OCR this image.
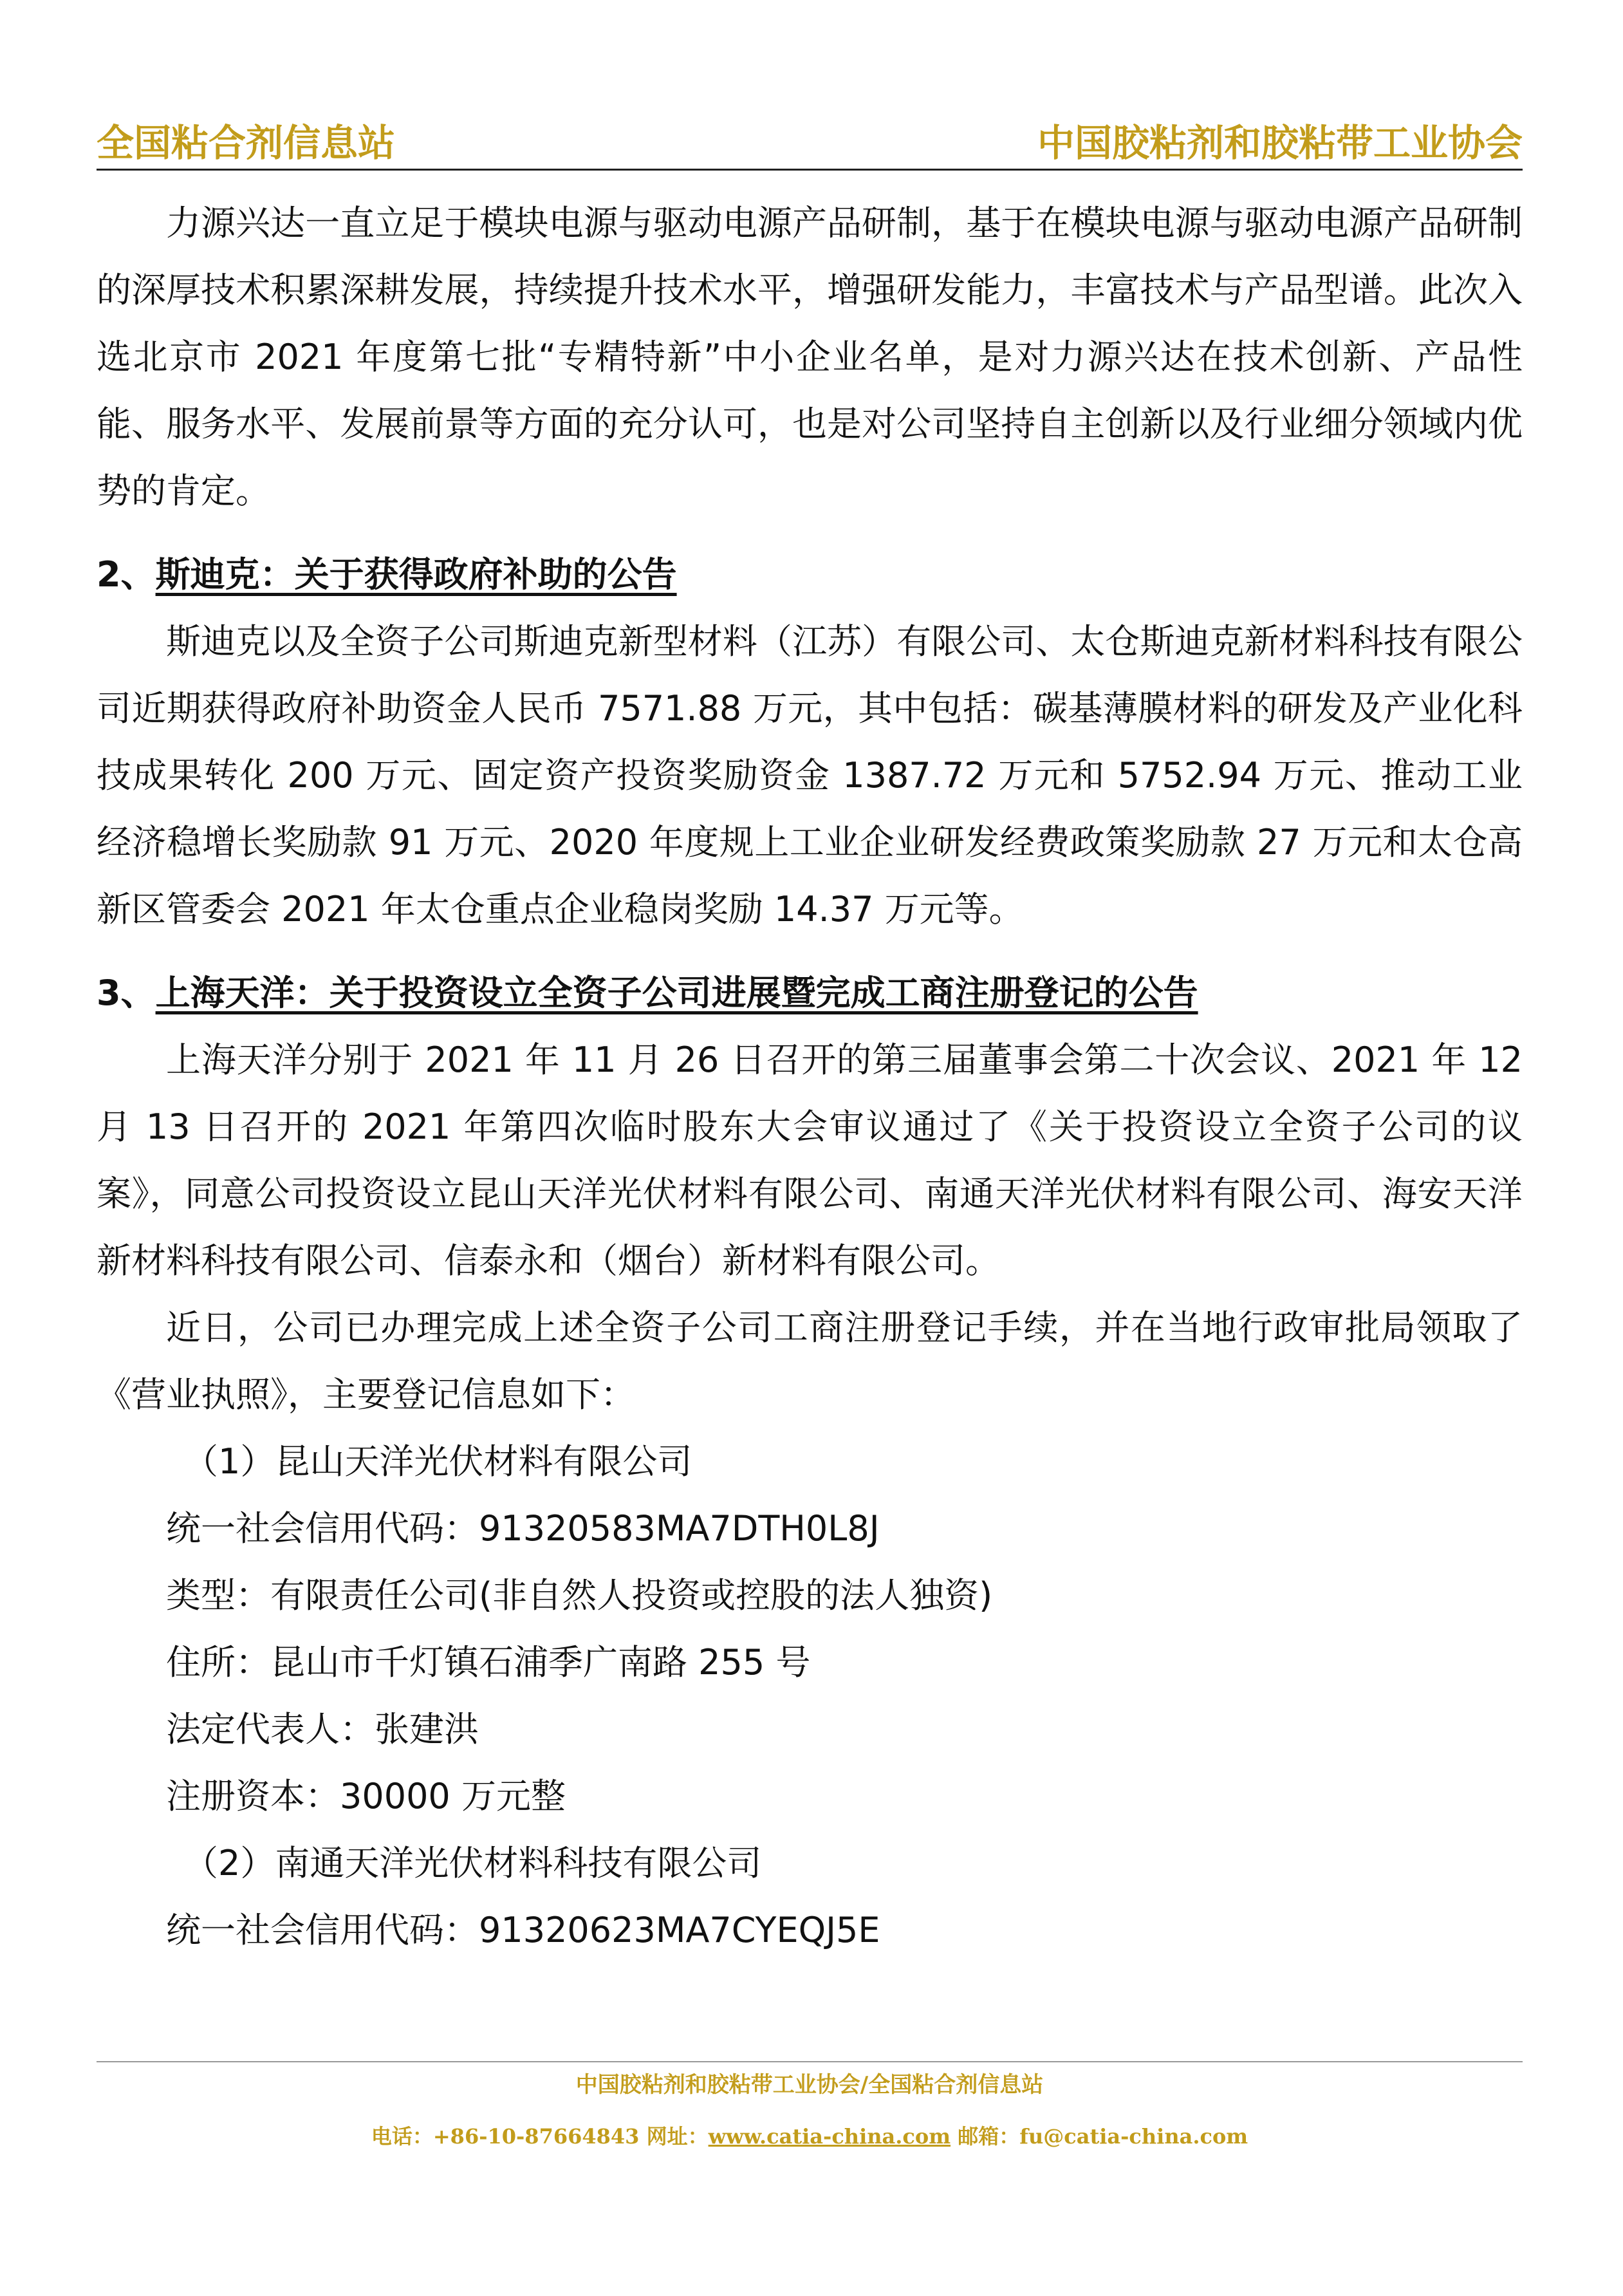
全国粘合剂信息站	中国胶粘剂和胶粘带工业协会

力源兴达一直立足于模块电源与驱动电源产品研制，基于在模块电源与驱动电源产品研制的深厚技术积累深耕发展，持续提升技术水平，增强研发能力，丰富技术与产品型谱。此次入选北京市 2021 年度第七批“专精特新”中小企业名单，是对力源兴达在技术创新、产品性能、服务水平、发展前景等方面的充分认可，也是对公司坚持自主创新以及行业细分领域内优势的肯定。

2、斯迪克：关于获得政府补助的公告

斯迪克以及全资子公司斯迪克新型材料（江苏）有限公司、太仓斯迪克新材料科技有限公司近期获得政府补助资金人民币 7571.88 万元，其中包括：碳基薄膜材料的研发及产业化科技成果转化 200 万元、固定资产投资奖励资金 1387.72 万元和 5752.94 万元、推动工业经济稳增长奖励款 91 万元、2020 年度规上工业企业研发经费政策奖励款 27 万元和太仓高新区管委会 2021 年太仓重点企业稳岗奖励 14.37 万元等。

3、上海天洋：关于投资设立全资子公司进展暨完成工商注册登记的公告

上海天洋分别于 2021 年 11 月 26 日召开的第三届董事会第二十次会议、2021 年 12 月 13 日召开的 2021 年第四次临时股东大会审议通过了《关于投资设立全资子公司的议案》，同意公司投资设立昆山天洋光伏材料有限公司、南通天洋光伏材料有限公司、海安天洋新材料科技有限公司、信泰永和（烟台）新材料有限公司。

近日，公司已办理完成上述全资子公司工商注册登记手续，并在当地行政审批局领取了《营业执照》，主要登记信息如下：

（1）昆山天洋光伏材料有限公司

统一社会信用代码：91320583MA7DTH0L8J

类型：有限责任公司(非自然人投资或控股的法人独资)

住所：昆山市千灯镇石浦季广南路 255 号

法定代表人：张建洪

注册资本：30000 万元整

（2）南通天洋光伏材料科技有限公司

统一社会信用代码：91320623MA7CYEQJ5E

中国胶粘剂和胶粘带工业协会/全国粘合剂信息站
电话：+86-10-87664843 网址：www.catia-china.com 邮箱：fu@catia-china.com
